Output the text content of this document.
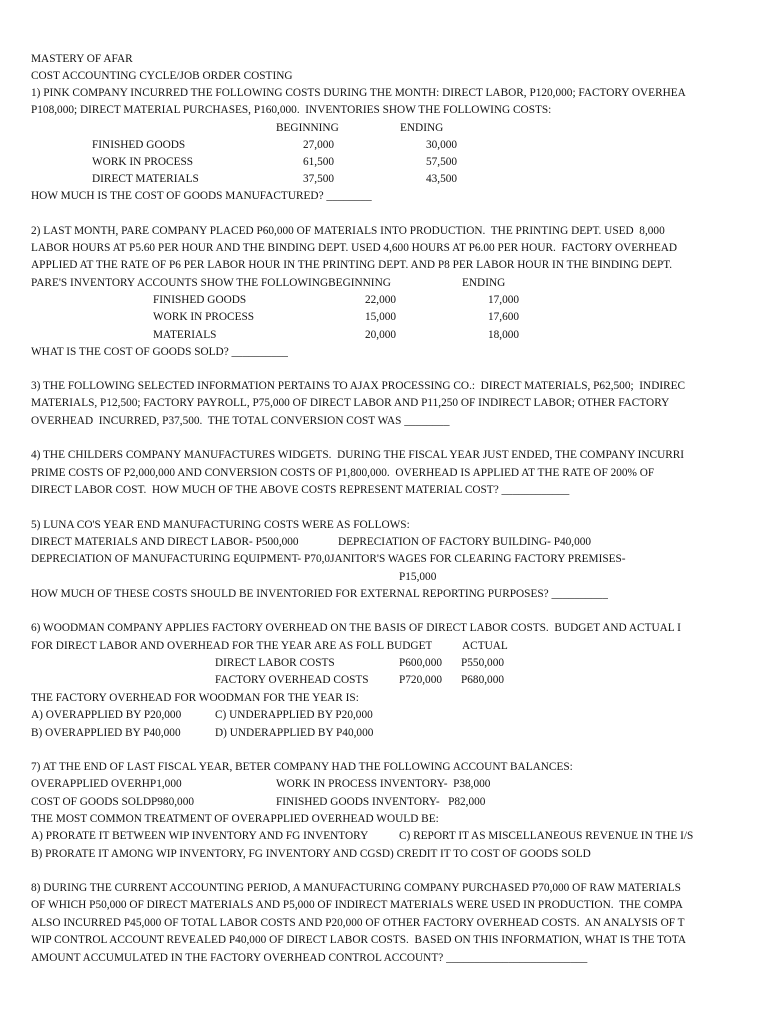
MASTERY OF AFAR
COST ACCOUNTING CYCLE/JOB ORDER COSTING
1) PINK COMPANY INCURRED THE FOLLOWING COSTS DURING THE MONTH: DIRECT LABOR, P120,000; FACTORY OVERHEA
P108,000; DIRECT MATERIAL PURCHASES, P160,000.  INVENTORIES SHOW THE FOLLOWING COSTS:
BEGINNING	ENDING
FINISHED GOODS	27,000	30,000
WORK IN PROCESS	61,500	57,500
DIRECT MATERIALS	37,500	43,500
HOW MUCH IS THE COST OF GOODS MANUFACTURED? ________
2) LAST MONTH, PARE COMPANY PLACED P60,000 OF MATERIALS INTO PRODUCTION.  THE PRINTING DEPT. USED  8,000
LABOR HOURS AT P5.60 PER HOUR AND THE BINDING DEPT. USED 4,600 HOURS AT P6.00 PER HOUR.  FACTORY OVERHEAD
APPLIED AT THE RATE OF P6 PER LABOR HOUR IN THE PRINTING DEPT. AND P8 PER LABOR HOUR IN THE BINDING DEPT.
PARE'S INVENTORY ACCOUNTS SHOW THE FOLLOWINGBEGINNING	ENDING
FINISHED GOODS	22,000	17,000
WORK IN PROCESS	15,000	17,600
MATERIALS	20,000	18,000
WHAT IS THE COST OF GOODS SOLD? __________
3) THE FOLLOWING SELECTED INFORMATION PERTAINS TO AJAX PROCESSING CO.:  DIRECT MATERIALS, P62,500;  INDIREC
MATERIALS, P12,500; FACTORY PAYROLL, P75,000 OF DIRECT LABOR AND P11,250 OF INDIRECT LABOR; OTHER FACTORY
OVERHEAD  INCURRED, P37,500.  THE TOTAL CONVERSION COST WAS ________
4) THE CHILDERS COMPANY MANUFACTURES WIDGETS.  DURING THE FISCAL YEAR JUST ENDED, THE COMPANY INCURRI
PRIME COSTS OF P2,000,000 AND CONVERSION COSTS OF P1,800,000.  OVERHEAD IS APPLIED AT THE RATE OF 200% OF
DIRECT LABOR COST.  HOW MUCH OF THE ABOVE COSTS REPRESENT MATERIAL COST? ____________
5) LUNA CO'S YEAR END MANUFACTURING COSTS WERE AS FOLLOWS:
DIRECT MATERIALS AND DIRECT LABOR- P500,000	DEPRECIATION OF FACTORY BUILDING- P40,000
DEPRECIATION OF MANUFACTURING EQUIPMENT- P70,0JANITOR'S WAGES FOR CLEARING FACTORY PREMISES-
P15,000
HOW MUCH OF THESE COSTS SHOULD BE INVENTORIED FOR EXTERNAL REPORTING PURPOSES? __________
6) WOODMAN COMPANY APPLIES FACTORY OVERHEAD ON THE BASIS OF DIRECT LABOR COSTS.  BUDGET AND ACTUAL I
FOR DIRECT LABOR AND OVERHEAD FOR THE YEAR ARE AS FOLL BUDGET	ACTUAL
DIRECT LABOR COSTS	P600,000 P550,000
FACTORY OVERHEAD COSTS	P720,000 P680,000
THE FACTORY OVERHEAD FOR WOODMAN FOR THE YEAR IS:
A) OVERAPPLIED BY P20,000	C) UNDERAPPLIED BY P20,000
B) OVERAPPLIED BY P40,000	D) UNDERAPPLIED BY P40,000
7) AT THE END OF LAST FISCAL YEAR, BETER COMPANY HAD THE FOLLOWING ACCOUNT BALANCES:
OVERAPPLIED OVERHP1,000	WORK IN PROCESS INVENTORY-  P38,000
COST OF GOODS SOLDP980,000	FINISHED GOODS INVENTORY-   P82,000
THE MOST COMMON TREATMENT OF OVERAPPLIED OVERHEAD WOULD BE:
A) PRORATE IT BETWEEN WIP INVENTORY AND FG INVENTORY	C) REPORT IT AS MISCELLANEOUS REVENUE IN THE I/S
B) PRORATE IT AMONG WIP INVENTORY, FG INVENTORY AND CGSD) CREDIT IT TO COST OF GOODS SOLD
8) DURING THE CURRENT ACCOUNTING PERIOD, A MANUFACTURING COMPANY PURCHASED P70,000 OF RAW MATERIALS
OF WHICH P50,000 OF DIRECT MATERIALS AND P5,000 OF INDIRECT MATERIALS WERE USED IN PRODUCTION.  THE COMPA
ALSO INCURRED P45,000 OF TOTAL LABOR COSTS AND P20,000 OF OTHER FACTORY OVERHEAD COSTS.  AN ANALYSIS OF T
WIP CONTROL ACCOUNT REVEALED P40,000 OF DIRECT LABOR COSTS.  BASED ON THIS INFORMATION, WHAT IS THE TOTA
AMOUNT ACCUMULATED IN THE FACTORY OVERHEAD CONTROL ACCOUNT? _________________________
